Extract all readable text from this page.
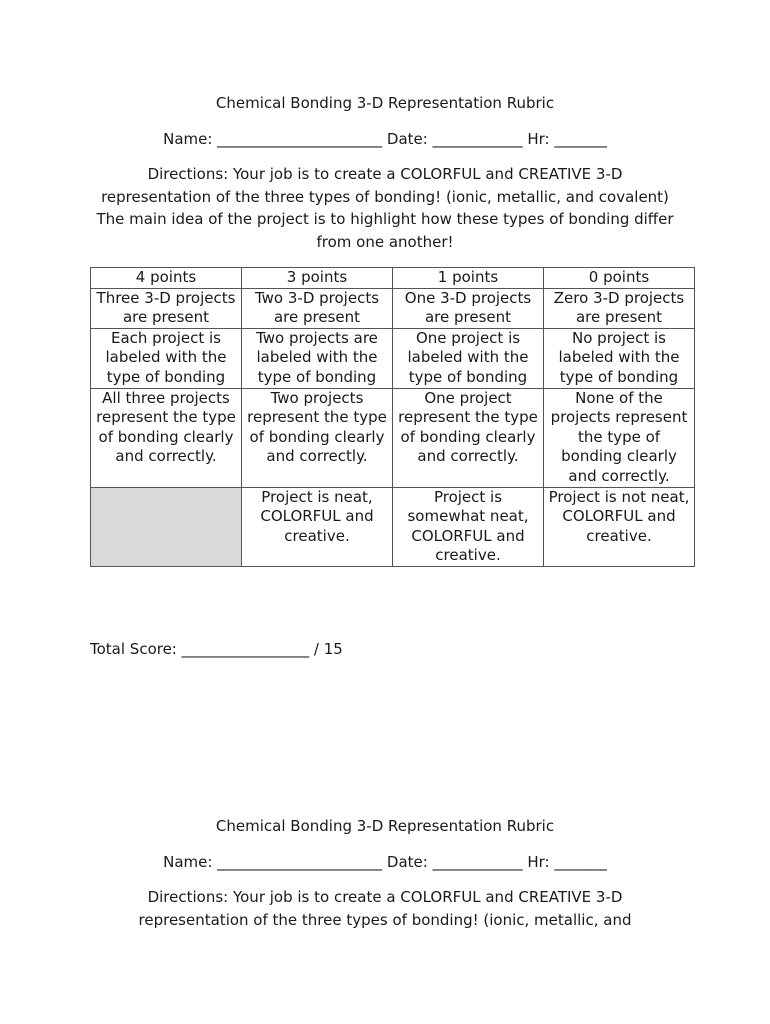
Chemical Bonding 3-D Representation Rubric
Name: ______________________ Date: ____________ Hr: _______
Directions: Your job is to create a COLORFUL and CREATIVE 3-D representation of the three types of bonding! (ionic, metallic, and covalent) The main idea of the project is to highlight how these types of bonding differ from one another!
4 points	3 points	1 points	0 points
Three 3-D projects are present	Two 3-D projects are present	One 3-D projects are present	Zero 3-D projects are present
Each project is labeled with the type of bonding	Two projects are labeled with the type of bonding	One project is labeled with the type of bonding	No project is labeled with the type of bonding
All three projects represent the type of bonding clearly and correctly.	Two projects represent the type of bonding clearly and correctly.	One project represent the type of bonding clearly and correctly.	None of the projects represent the type of bonding clearly and correctly.
	Project is neat, COLORFUL and creative.	Project is somewhat neat, COLORFUL and creative.	Project is not neat, COLORFUL and creative.
Total Score: _________________ / 15
Chemical Bonding 3-D Representation Rubric
Name: ______________________ Date: ____________ Hr: _______
Directions: Your job is to create a COLORFUL and CREATIVE 3-D representation of the three types of bonding! (ionic, metallic, and
